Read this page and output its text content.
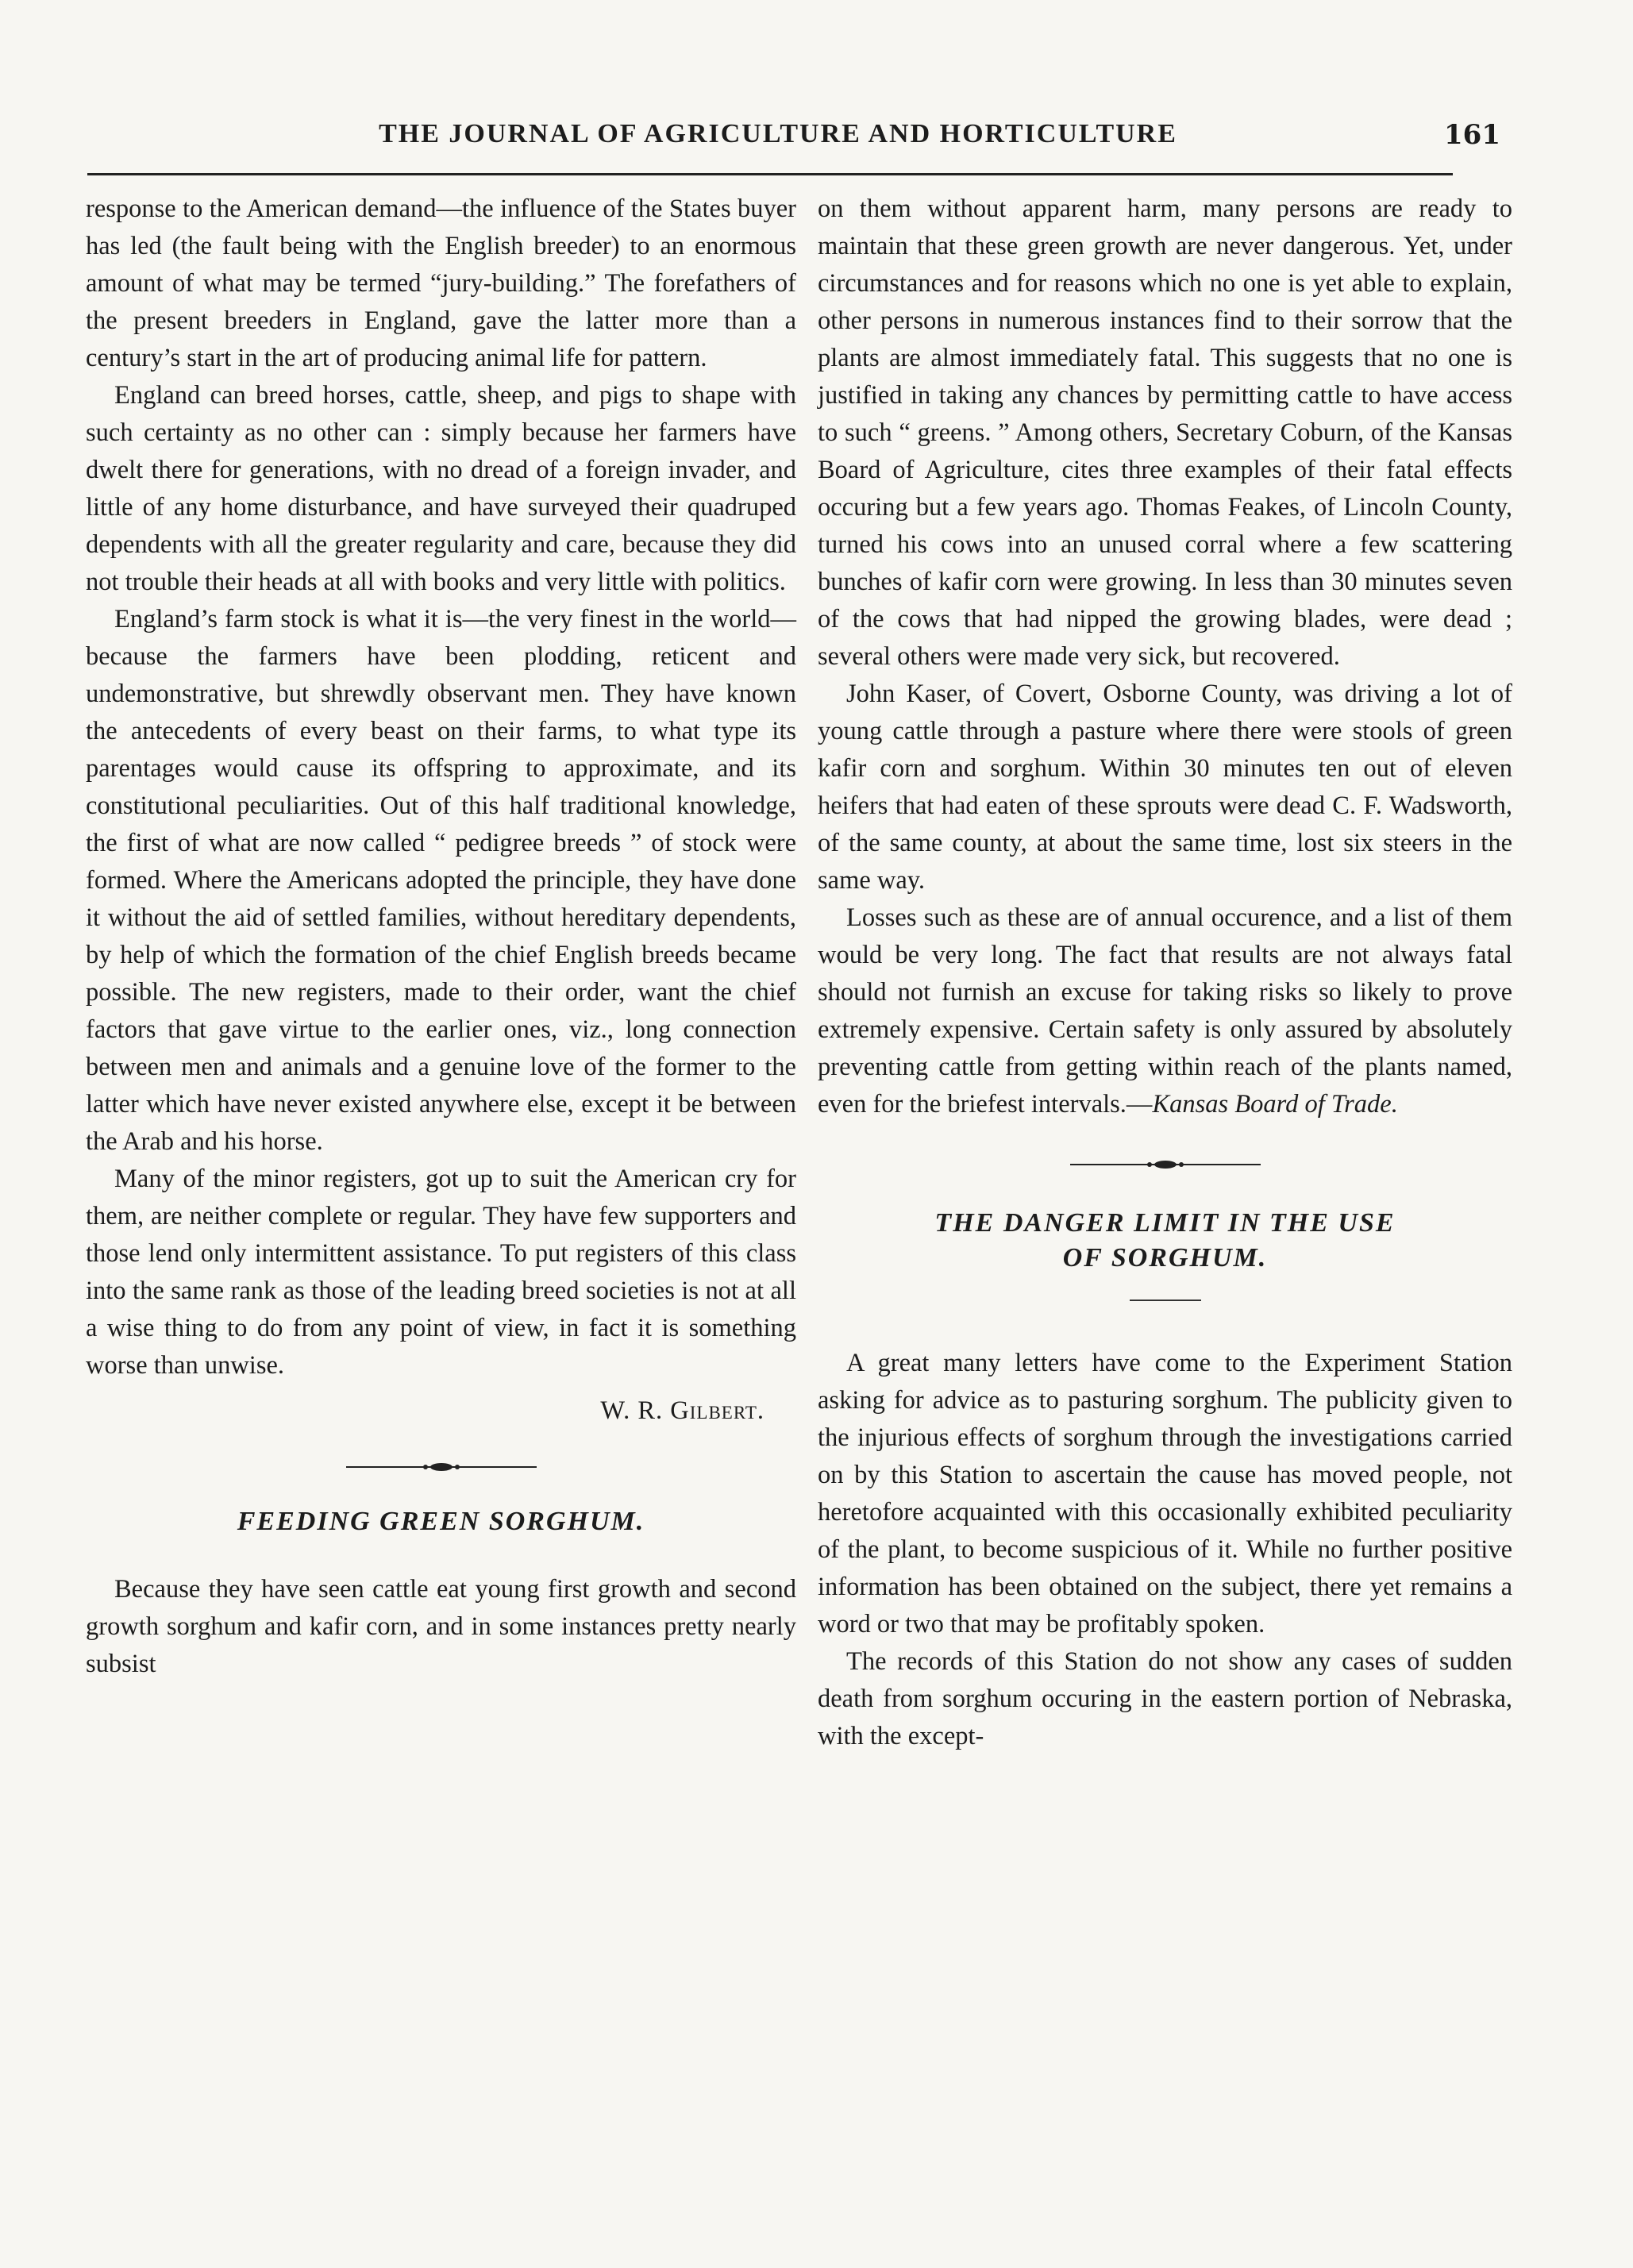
THE JOURNAL OF AGRICULTURE AND HORTICULTURE	161

response to the American demand—the influence of the States buyer has led (the fault being with the English breeder) to an enormous amount of what may be termed “jury-building.” The forefathers of the present breeders in England, gave the latter more than a century’s start in the art of producing animal life for pattern.

England can breed horses, cattle, sheep, and pigs to shape with such certainty as no other can : simply because her farmers have dwelt there for generations, with no dread of a foreign invader, and little of any home disturbance, and have surveyed their quadruped dependents with all the greater regularity and care, because they did not trouble their heads at all with books and very little with politics.

England’s farm stock is what it is—the very finest in the world—because the farmers have been plodding, reticent and undemonstrative, but shrewdly observant men. They have known the antecedents of every beast on their farms, to what type its parentages would cause its offspring to approximate, and its constitutional peculiarities. Out of this half traditional knowledge, the first of what are now called “ pedigree breeds ” of stock were formed. Where the Americans adopted the principle, they have done it without the aid of settled families, without hereditary dependents, by help of which the formation of the chief English breeds became possible. The new registers, made to their order, want the chief factors that gave virtue to the earlier ones, viz., long connection between men and animals and a genuine love of the former to the latter which have never existed anywhere else, except it be between the Arab and his horse.

Many of the minor registers, got up to suit the American cry for them, are neither complete or regular. They have few supporters and those lend only intermittent assistance. To put registers of this class into the same rank as those of the leading breed societies is not at all a wise thing to do from any point of view, in fact it is something worse than unwise.

W. R. Gilbert.

FEEDING GREEN SORGHUM.

Because they have seen cattle eat young first growth and second growth sorghum and kafir corn, and in some instances pretty nearly subsist

on them without apparent harm, many persons are ready to maintain that these green growth are never dangerous. Yet, under circumstances and for reasons which no one is yet able to explain, other persons in numerous instances find to their sorrow that the plants are almost immediately fatal. This suggests that no one is justified in taking any chances by permitting cattle to have access to such “ greens. ” Among others, Secretary Coburn, of the Kansas Board of Agriculture, cites three examples of their fatal effects occuring but a few years ago. Thomas Feakes, of Lincoln County, turned his cows into an unused corral where a few scattering bunches of kafir corn were growing. In less than 30 minutes seven of the cows that had nipped the growing blades, were dead ; several others were made very sick, but recovered.

John Kaser, of Covert, Osborne County, was driving a lot of young cattle through a pasture where there were stools of green kafir corn and sorghum. Within 30 minutes ten out of eleven heifers that had eaten of these sprouts were dead C. F. Wadsworth, of the same county, at about the same time, lost six steers in the same way.

Losses such as these are of annual occurence, and a list of them would be very long. The fact that results are not always fatal should not furnish an excuse for taking risks so likely to prove extremely expensive. Certain safety is only assured by absolutely preventing cattle from getting within reach of the plants named, even for the briefest intervals.—Kansas Board of Trade.

THE DANGER LIMIT IN THE USE
OF SORGHUM.

A great many letters have come to the Experiment Station asking for advice as to pasturing sorghum. The publicity given to the injurious effects of sorghum through the investigations carried on by this Station to ascertain the cause has moved people, not heretofore acquainted with this occasionally exhibited peculiarity of the plant, to become suspicious of it. While no further positive information has been obtained on the subject, there yet remains a word or two that may be profitably spoken.

The records of this Station do not show any cases of sudden death from sorghum occuring in the eastern portion of Nebraska, with the except-
